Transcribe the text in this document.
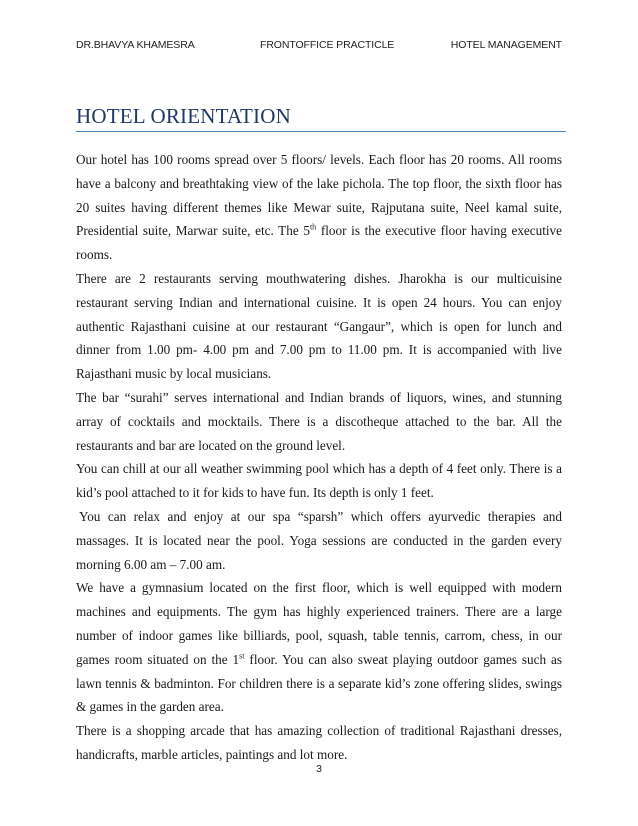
DR.BHAVYA KHAMESRA	FRONTOFFICE PRACTICLE	HOTEL MANAGEMENT
HOTEL ORIENTATION

Our hotel has 100 rooms spread over 5 floors/ levels. Each floor has 20 rooms. All rooms have a balcony and breathtaking view of the lake pichola. The top floor, the sixth floor has 20 suites having different themes like Mewar suite, Rajputana suite, Neel kamal suite, Presidential suite, Marwar suite, etc. The 5th floor is the executive floor having executive rooms.

There are 2 restaurants serving mouthwatering dishes. Jharokha is our multicuisine restaurant serving Indian and international cuisine. It is open 24 hours. You can enjoy authentic Rajasthani cuisine at our restaurant “Gangaur”, which is open for lunch and dinner from 1.00 pm- 4.00 pm and 7.00 pm to 11.00 pm. It is accompanied with live Rajasthani music by local musicians.

The bar “surahi” serves international and Indian brands of liquors, wines, and stunning array of cocktails and mocktails. There is a discotheque attached to the bar. All the restaurants and bar are located on the ground level.

You can chill at our all weather swimming pool which has a depth of 4 feet only. There is a kid’s pool attached to it for kids to have fun. Its depth is only 1 feet.

You can relax and enjoy at our spa “sparsh” which offers ayurvedic therapies and massages. It is located near the pool. Yoga sessions are conducted in the garden every morning 6.00 am – 7.00 am.

We have a gymnasium located on the first floor, which is well equipped with modern machines and equipments. The gym has highly experienced trainers. There are a large number of indoor games like billiards, pool, squash, table tennis, carrom, chess, in our games room situated on the 1st floor. You can also sweat playing outdoor games such as lawn tennis & badminton. For children there is a separate kid’s zone offering slides, swings & games in the garden area.

There is a shopping arcade that has amazing collection of traditional Rajasthani dresses, handicrafts, marble articles, paintings and lot more.

3
